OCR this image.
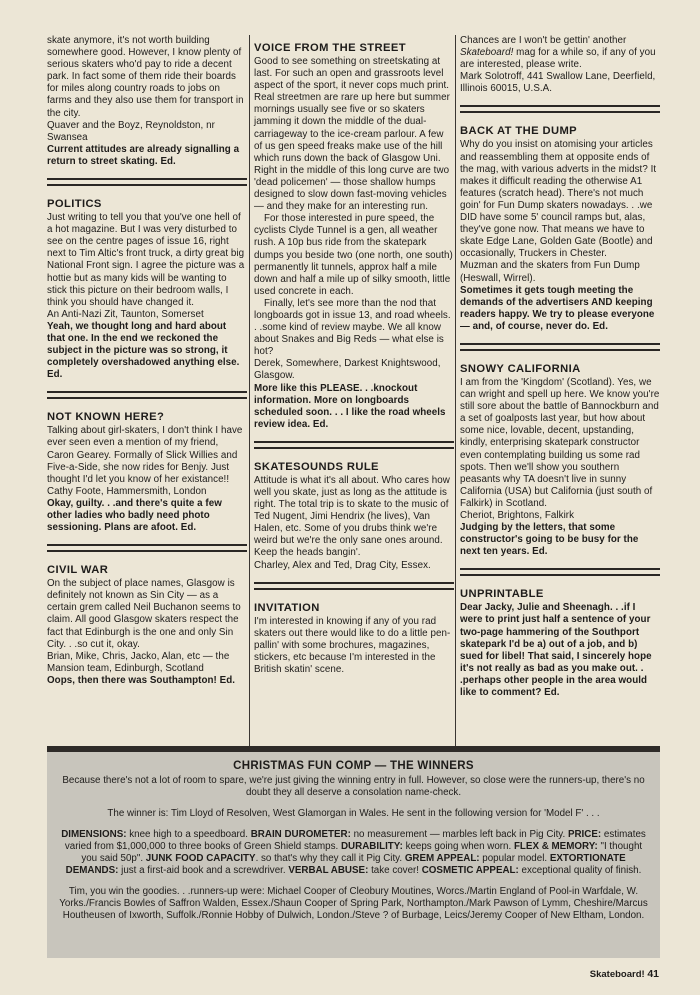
skate anymore, it's not worth building somewhere good. However, I know plenty of serious skaters who'd pay to ride a decent park. In fact some of them ride their boards for miles along country roads to jobs on farms and they also use them for transport in the city.

Quaver and the Boyz, Reynoldston, nr Swansea

Current attitudes are already signalling a return to street skating. Ed.

POLITICS

Just writing to tell you that you've one hell of a hot magazine. But I was very disturbed to see on the centre pages of issue 16, right next to Tim Altic's front truck, a dirty great big National Front sign. I agree the picture was a hottie but as many kids will be wanting to stick this picture on their bedroom walls, I think you should have changed it.

An Anti-Nazi Zit, Taunton, Somerset

Yeah, we thought long and hard about that one. In the end we reckoned the subject in the picture was so strong, it completely overshadowed anything else. Ed.

NOT KNOWN HERE?

Talking about girl-skaters, I don't think I have ever seen even a mention of my friend, Caron Gearey. Formally of Slick Willies and Five-a-Side, she now rides for Benjy. Just thought I'd let you know of her existance!!

Cathy Foote, Hammersmith, London

Okay, guilty. . .and there's quite a few other ladies who badly need photo sessioning. Plans are afoot. Ed.

CIVIL WAR

On the subject of place names, Glasgow is definitely not known as Sin City — as a certain grem called Neil Buchanon seems to claim. All good Glasgow skaters respect the fact that Edinburgh is the one and only Sin City. . .so cut it, okay.

Brian, Mike, Chris, Jacko, Alan, etc — the Mansion team, Edinburgh, Scotland

Oops, then there was Southampton! Ed.

VOICE FROM THE STREET

Good to see something on streetskating at last. For such an open and grassroots level aspect of the sport, it never cops much print. Real streetmen are rare up here but summer mornings usually see five or so skaters jamming it down the middle of the dual-carriageway to the ice-cream parlour. A few of us gen speed freaks make use of the hill which runs down the back of Glasgow Uni. Right in the middle of this long curve are two 'dead policemen' — those shallow humps designed to slow down fast-moving vehicles — and they make for an interesting run.

For those interested in pure speed, the cyclists Clyde Tunnel is a gen, all weather rush. A 10p bus ride from the skatepark dumps you beside two (one north, one south) permanently lit tunnels, approx half a mile down and half a mile up of silky smooth, little used concrete in each.

Finally, let's see more than the nod that longboards got in issue 13, and road wheels. . .some kind of review maybe. We all know about Snakes and Big Reds — what else is hot?

Derek, Somewhere, Darkest Knightswood, Glasgow.

More like this PLEASE. . .knockout information. More on longboards scheduled soon. . . I like the road wheels review idea. Ed.

SKATESOUNDS RULE

Attitude is what it's all about. Who cares how well you skate, just as long as the attitude is right. The total trip is to skate to the music of Ted Nugent, Jimi Hendrix (he lives), Van Halen, etc. Some of you drubs think we're weird but we're the only sane ones around. Keep the heads bangin'.

Charley, Alex and Ted, Drag City, Essex.

INVITATION

I'm interested in knowing if any of you rad skaters out there would like to do a little pen-pallin' with some brochures, magazines, stickers, etc because I'm interested in the British skatin' scene.

Chances are I won't be gettin' another Skateboard! mag for a while so, if any of you are interested, please write.

Mark Solotroff, 441 Swallow Lane, Deerfield, Illinois 60015, U.S.A.

BACK AT THE DUMP

Why do you insist on atomising your articles and reassembling them at opposite ends of the mag, with various adverts in the midst? It makes it difficult reading the otherwise A1 features (scratch head). There's not much goin' for Fun Dump skaters nowadays. . .we DID have some 5' council ramps but, alas, they've gone now. That means we have to skate Edge Lane, Golden Gate (Bootle) and occasionally, Truckers in Chester.

Muzman and the skaters from Fun Dump (Heswall, Wirrel).

Sometimes it gets tough meeting the demands of the advertisers AND keeping readers happy. We try to please everyone — and, of course, never do. Ed.

SNOWY CALIFORNIA

I am from the 'Kingdom' (Scotland). Yes, we can wright and spell up here. We know you're still sore about the battle of Bannockburn and a set of goalposts last year, but how about some nice, lovable, decent, upstanding, kindly, enterprising skatepark constructor even contemplating building us some rad spots. Then we'll show you southern peasants why TA doesn't live in sunny California (USA) but California (just south of Falkirk) in Scotland.

Cheriot, Brightons, Falkirk

Judging by the letters, that some constructor's going to be busy for the next ten years. Ed.

UNPRINTABLE

Dear Jacky, Julie and Sheenagh. . .if I were to print just half a sentence of your two-page hammering of the Southport skatepark I'd be a) out of a job, and b) sued for libel! That said, I sincerely hope it's not really as bad as you make out. . .perhaps other people in the area would like to comment? Ed.

CHRISTMAS FUN COMP — THE WINNERS

Because there's not a lot of room to spare, we're just giving the winning entry in full. However, so close were the runners-up, there's no doubt they all deserve a consolation name-check.

The winner is: Tim Lloyd of Resolven, West Glamorgan in Wales. He sent in the following version for 'Model F' . . .

DIMENSIONS: knee high to a speedboard. BRAIN DUROMETER: no measurement — marbles left back in Pig City. PRICE: estimates varied from $1,000,000 to three books of Green Shield stamps. DURABILITY: keeps going when worn. FLEX & MEMORY: "I thought you said 50p". JUNK FOOD CAPACITY. so that's why they call it Pig City. GREM APPEAL: popular model. EXTORTIONATE DEMANDS: just a first-aid book and a screwdriver. VERBAL ABUSE: take cover! COSMETIC APPEAL: exceptional quality of finish.

Tim, you win the goodies. . .runners-up were: Michael Cooper of Cleobury Moutines, Worcs./Martin England of Pool-in Warfdale, W. Yorks./Francis Bowles of Saffron Walden, Essex./Shaun Cooper of Spring Park, Northampton./Mark Pawson of Lymm, Cheshire/Marcus Houtheusen of Ixworth, Suffolk./Ronnie Hobby of Dulwich, London./Steve ? of Burbage, Leics/Jeremy Cooper of New Eltham, London.

Skateboard! 41
